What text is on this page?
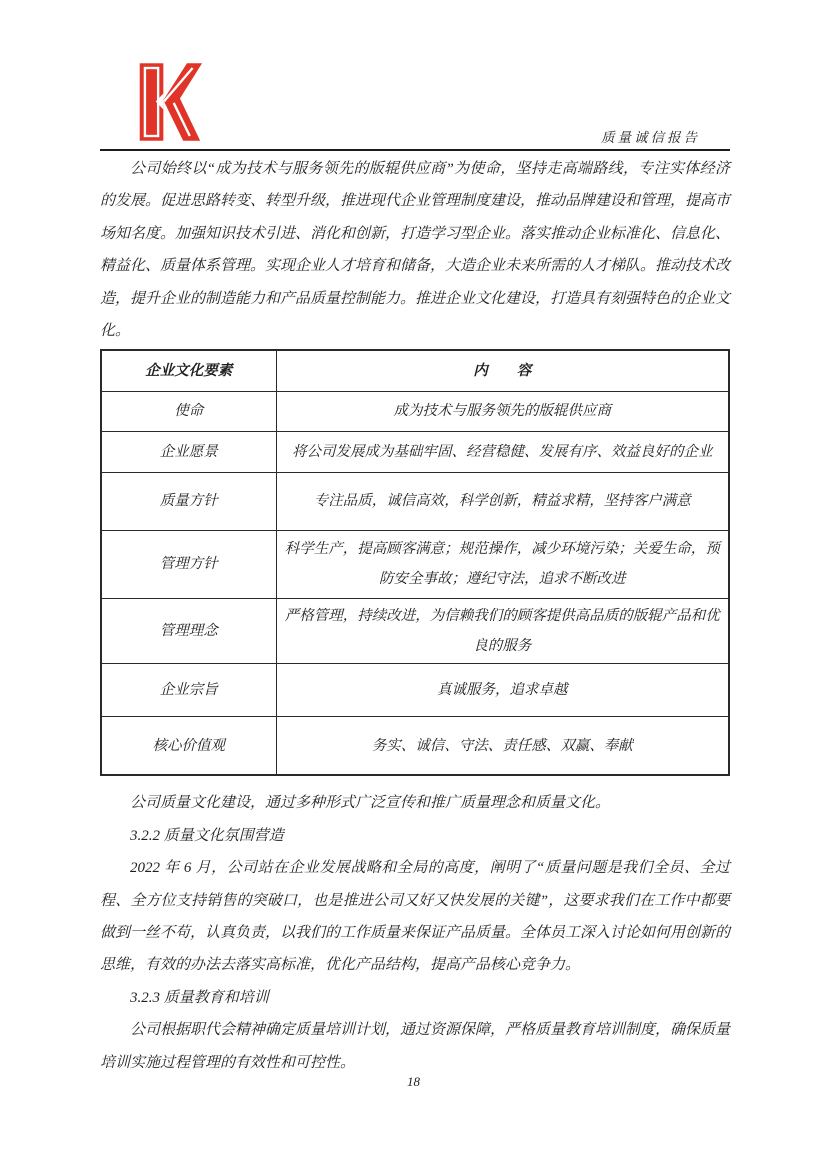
质量诚信报告

公司始终以“成为技术与服务领先的版辊供应商”为使命，坚持走高端路线，专注实体经济的发展。促进思路转变、转型升级，推进现代企业管理制度建设，推动品牌建设和管理，提高市场知名度。加强知识技术引进、消化和创新，打造学习型企业。落实推动企业标准化、信息化、精益化、质量体系管理。实现企业人才培育和储备，大造企业未来所需的人才梯队。推动技术改造，提升企业的制造能力和产品质量控制能力。推进企业文化建设，打造具有刻强特色的企业文化。

企业文化要素	内　　容
使命	成为技术与服务领先的版辊供应商
企业愿景	将公司发展成为基础牢固、经营稳健、发展有序、效益良好的企业
质量方针	专注品质，诚信高效，科学创新，精益求精，坚持客户满意
管理方针	科学生产，提高顾客满意；规范操作，减少环境污染；关爱生命，预防安全事故；遵纪守法，追求不断改进
管理理念	严格管理，持续改进，为信赖我们的顾客提供高品质的版辊产品和优良的服务
企业宗旨	真诚服务，追求卓越
核心价值观	务实、诚信、守法、责任感、双赢、奉献

公司质量文化建设，通过多种形式广泛宣传和推广质量理念和质量文化。

3.2.2 质量文化氛围营造

2022 年 6 月，公司站在企业发展战略和全局的高度，阐明了“质量问题是我们全员、全过程、全方位支持销售的突破口，也是推进公司又好又快发展的关键”，这要求我们在工作中都要做到一丝不苟，认真负责，以我们的工作质量来保证产品质量。全体员工深入讨论如何用创新的思维，有效的办法去落实高标准，优化产品结构，提高产品核心竞争力。

3.2.3 质量教育和培训

公司根据职代会精神确定质量培训计划，通过资源保障，严格质量教育培训制度，确保质量培训实施过程管理的有效性和可控性。

18
